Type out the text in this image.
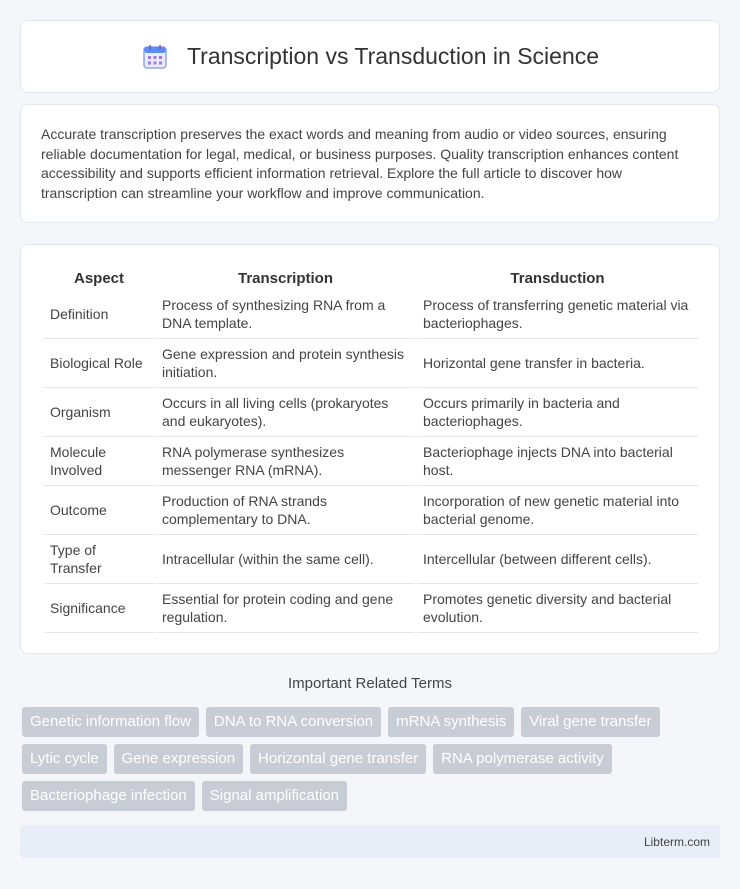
Transcription vs Transduction in Science

Accurate transcription preserves the exact words and meaning from audio or video sources, ensuring reliable documentation for legal, medical, or business purposes. Quality transcription enhances content accessibility and supports efficient information retrieval. Explore the full article to discover how transcription can streamline your workflow and improve communication.

Aspect	Transcription	Transduction
Definition	Process of synthesizing RNA from a DNA template.	Process of transferring genetic material via bacteriophages.
Biological Role	Gene expression and protein synthesis initiation.	Horizontal gene transfer in bacteria.
Organism	Occurs in all living cells (prokaryotes and eukaryotes).	Occurs primarily in bacteria and bacteriophages.
Molecule Involved	RNA polymerase synthesizes messenger RNA (mRNA).	Bacteriophage injects DNA into bacterial host.
Outcome	Production of RNA strands complementary to DNA.	Incorporation of new genetic material into bacterial genome.
Type of Transfer	Intracellular (within the same cell).	Intercellular (between different cells).
Significance	Essential for protein coding and gene regulation.	Promotes genetic diversity and bacterial evolution.
Important Related Terms
Genetic information flow	DNA to RNA conversion	mRNA synthesis	Viral gene transfer
Lytic cycle	Gene expression	Horizontal gene transfer	RNA polymerase activity
Bacteriophage infection	Signal amplification
Libterm.com
